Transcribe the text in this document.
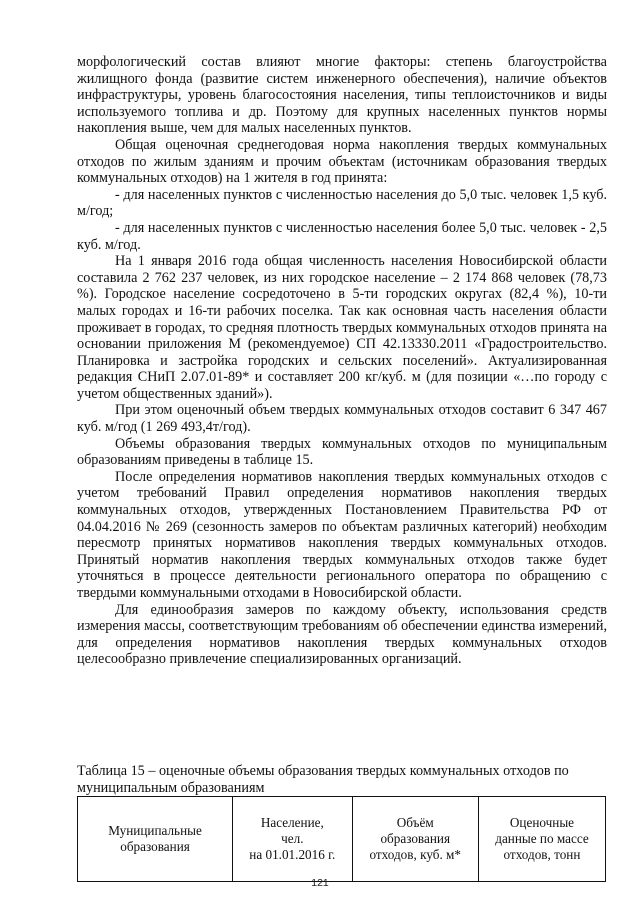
морфологический состав влияют многие факторы: степень благоустройства жилищного фонда (развитие систем инженерного обеспечения), наличие объектов инфраструктуры, уровень благосостояния населения, типы теплоисточников и виды используемого топлива и др. Поэтому для крупных населенных пунктов нормы накопления выше, чем для малых населенных пунктов.

Общая оценочная среднегодовая норма накопления твердых коммунальных отходов по жилым зданиям и прочим объектам (источникам образования твердых коммунальных отходов) на 1 жителя в год принята:

- для населенных пунктов с численностью населения до 5,0 тыс. человек 1,5 куб. м/год;

- для населенных пунктов с численностью населения более 5,0 тыс. человек - 2,5 куб. м/год.

На 1 января 2016 года общая численность населения Новосибирской области составила 2 762 237 человек, из них городское население – 2 174 868 человек (78,73 %). Городское население сосредоточено в 5-ти городских округах (82,4 %), 10-ти малых городах и 16-ти рабочих поселка. Так как основная часть населения области проживает в городах, то средняя плотность твердых коммунальных отходов принята на основании приложения М (рекомендуемое) СП 42.13330.2011 «Градостроительство. Планировка и застройка городских и сельских поселений». Актуализированная редакция СНиП 2.07.01-89* и составляет 200 кг/куб. м (для позиции «…по городу с учетом общественных зданий»).

При этом оценочный объем твердых коммунальных отходов составит 6 347 467 куб. м/год (1 269 493,4т/год).

Объемы образования твердых коммунальных отходов по муниципальным образованиям приведены в таблице 15.

После определения нормативов накопления твердых коммунальных отходов с учетом требований Правил определения нормативов накопления твердых коммунальных отходов, утвержденных Постановлением Правительства РФ от 04.04.2016 № 269 (сезонность замеров по объектам различных категорий) необходим пересмотр принятых нормативов накопления твердых коммунальных отходов. Принятый норматив накопления твердых коммунальных отходов также будет уточняться в процессе деятельности регионального оператора по обращению с твердыми коммунальными отходами в Новосибирской области.

Для единообразия замеров по каждому объекту, использования средств измерения массы, соответствующим требованиям об обеспечении единства измерений, для определения нормативов накопления твердых коммунальных отходов целесообразно привлечение специализированных организаций.

Таблица 15 – оценочные объемы образования твердых коммунальных отходов по муниципальным образованиям

Муниципальные
образования

Население,
чел.
на 01.01.2016 г.

Объём
образования
отходов, куб. м*

Оценочные
данные по массе
отходов, тонн
121
